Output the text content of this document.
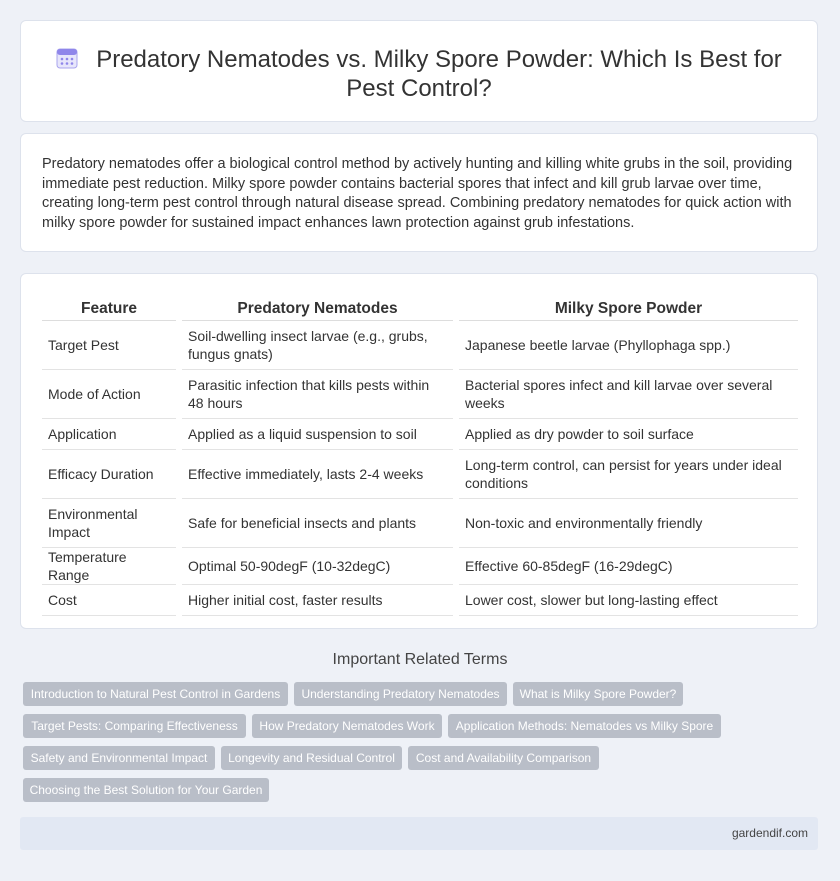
Predatory Nematodes vs. Milky Spore Powder: Which Is Best for Pest Control?

Predatory nematodes offer a biological control method by actively hunting and killing white grubs in the soil, providing immediate pest reduction. Milky spore powder contains bacterial spores that infect and kill grub larvae over time, creating long-term pest control through natural disease spread. Combining predatory nematodes for quick action with milky spore powder for sustained impact enhances lawn protection against grub infestations.

Feature	Predatory Nematodes	Milky Spore Powder
Target Pest	Soil-dwelling insect larvae (e.g., grubs, fungus gnats)	Japanese beetle larvae (Phyllophaga spp.)
Mode of Action	Parasitic infection that kills pests within 48 hours	Bacterial spores infect and kill larvae over several weeks
Application	Applied as a liquid suspension to soil	Applied as dry powder to soil surface
Efficacy Duration	Effective immediately, lasts 2-4 weeks	Long-term control, can persist for years under ideal conditions
Environmental Impact	Safe for beneficial insects and plants	Non-toxic and environmentally friendly
Temperature Range	Optimal 50-90degF (10-32degC)	Effective 60-85degF (16-29degC)
Cost	Higher initial cost, faster results	Lower cost, slower but long-lasting effect
Important Related Terms
Introduction to Natural Pest Control in Gardens	Understanding Predatory Nematodes	What is Milky Spore Powder?
Target Pests: Comparing Effectiveness	How Predatory Nematodes Work	Application Methods: Nematodes vs Milky Spore
Safety and Environmental Impact	Longevity and Residual Control	Cost and Availability Comparison
Choosing the Best Solution for Your Garden
gardendif.com
